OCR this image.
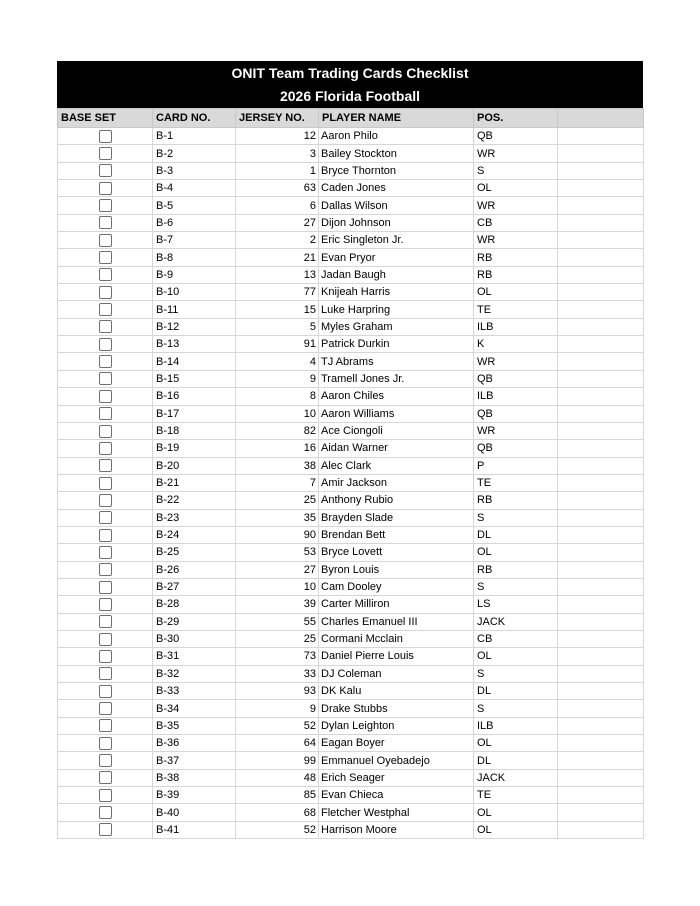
ONIT Team Trading Cards Checklist
2026 Florida Football
BASE SET	CARD NO.	JERSEY NO.	PLAYER NAME	POS.	
	B-1	12	Aaron Philo	QB	
	B-2	3	Bailey Stockton	WR	
	B-3	1	Bryce Thornton	S	
	B-4	63	Caden Jones	OL	
	B-5	6	Dallas Wilson	WR	
	B-6	27	Dijon Johnson	CB	
	B-7	2	Eric Singleton Jr.	WR	
	B-8	21	Evan Pryor	RB	
	B-9	13	Jadan Baugh	RB	
	B-10	77	Knijeah Harris	OL	
	B-11	15	Luke Harpring	TE	
	B-12	5	Myles Graham	ILB	
	B-13	91	Patrick Durkin	K	
	B-14	4	TJ Abrams	WR	
	B-15	9	Tramell Jones Jr.	QB	
	B-16	8	Aaron Chiles	ILB	
	B-17	10	Aaron Williams	QB	
	B-18	82	Ace Ciongoli	WR	
	B-19	16	Aidan Warner	QB	
	B-20	38	Alec Clark	P	
	B-21	7	Amir Jackson	TE	
	B-22	25	Anthony Rubio	RB	
	B-23	35	Brayden Slade	S	
	B-24	90	Brendan Bett	DL	
	B-25	53	Bryce Lovett	OL	
	B-26	27	Byron Louis	RB	
	B-27	10	Cam Dooley	S	
	B-28	39	Carter Milliron	LS	
	B-29	55	Charles Emanuel III	JACK	
	B-30	25	Cormani Mcclain	CB	
	B-31	73	Daniel Pierre Louis	OL	
	B-32	33	DJ Coleman	S	
	B-33	93	DK Kalu	DL	
	B-34	9	Drake Stubbs	S	
	B-35	52	Dylan Leighton	ILB	
	B-36	64	Eagan Boyer	OL	
	B-37	99	Emmanuel Oyebadejo	DL	
	B-38	48	Erich Seager	JACK	
	B-39	85	Evan Chieca	TE	
	B-40	68	Fletcher Westphal	OL	
	B-41	52	Harrison Moore	OL	
